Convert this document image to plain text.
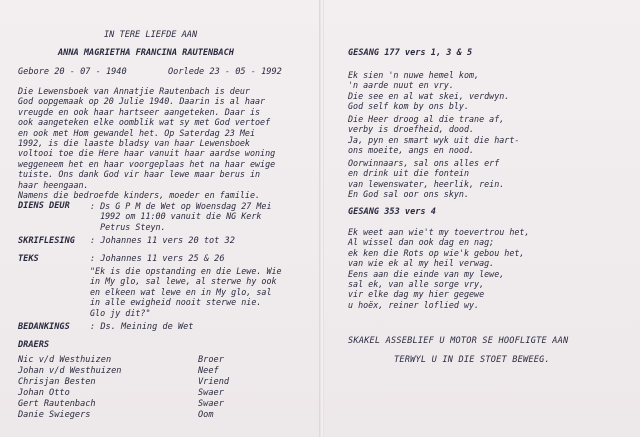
IN TERE LIEFDE AAN
ANNA MAGRIETHA FRANCINA RAUTENBACH
Gebore 20 - 07 - 1940	Oorlede 23 - 05 - 1992
Die Lewensboek van Annatjie Rautenbach is deur
God oopgemaak op 20 Julie 1940. Daarin is al haar
vreugde en ook haar hartseer aangeteken. Daar is
ook aangeteken elke oomblik wat sy met God vertoef
en ook met Hom gewandel het. Op Saterdag 23 Mei
1992, is die laaste bladsy van haar Lewensboek
voltooi toe die Here haar vanuit haar aardse woning
weggeneem het en haar voorgeplaas het na haar ewige
tuiste. Ons dank God vir haar lewe maar berus in
haar heengaan.
Namens die bedroefde kinders, moeder en familie.
DIENS DEUR : Ds G P M de Wet op Woensdag 27 Mei
1992 om 11:00 vanuit die NG Kerk
Petrus Steyn.
SKRIFLESING : Johannes 11 vers 20 tot 32
TEKS	: Johannes 11 vers 25 & 26
"Ek is die opstanding en die Lewe. Wie
in My glo, sal lewe, al sterwe hy ook
en elkeen wat lewe en in My glo, sal
in alle ewigheid nooit sterwe nie.
Glo jy dit?"
BEDANKINGS : Ds. Meining de Wet
DRAERS
Nic v/d Westhuizen	Broer
Johan v/d Westhuizen	Neef
Chrisjan Besten	Vriend
Johan Otto	Swaer
Gert Rautenbach	Swaer
Danie Swiegers	Oom
GESANG 177 vers 1, 3 & 5
Ek sien 'n nuwe hemel kom,
'n aarde nuut en vry.
Die see en al wat skei, verdwyn.
God self kom by ons bly.
Die Heer droog al die trane af,
verby is droefheid, dood.
Ja, pyn en smart wyk uit die hart-
ons moeite, angs en nood.
Oorwinnaars, sal ons alles erf
en drink uit die fontein
van lewenswater, heerlik, rein.
En God sal oor ons skyn.
GESANG 353 vers 4
Ek weet aan wie't my toevertrou het,
Al wissel dan ook dag en nag;
ek ken die Rots op wie'k gebou het,
van wie ek al my heil verwag.
Eens aan die einde van my lewe,
sal ek, van alle sorge vry,
vir elke dag my hier gegewe
u hoëx, reiner loflied wy.
SKAKEL ASSEBLIEF U MOTOR SE HOOFLIGTE AAN
TERWYL U IN DIE STOET BEWEEG.
